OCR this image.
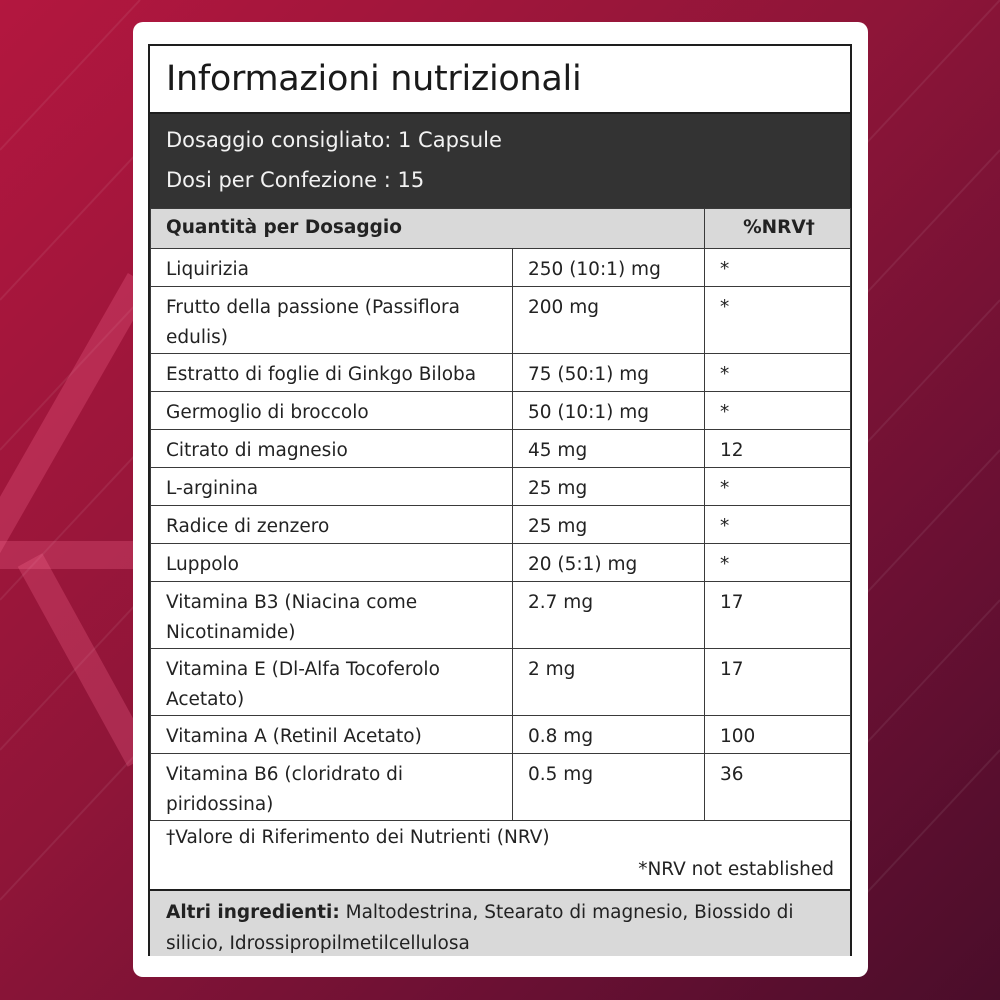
Informazioni nutrizionali
Dosaggio consigliato: 1 Capsule
Dosi per Confezione : 15
Quantità per Dosaggio		%NRV†
Liquirizia	250 (10:1) mg	*
Frutto della passione (Passiflora edulis)	200 mg	*
Estratto di foglie di Ginkgo Biloba	75 (50:1) mg	*
Germoglio di broccolo	50 (10:1) mg	*
Citrato di magnesio	45 mg	12
L-arginina	25 mg	*
Radice di zenzero	25 mg	*
Luppolo	20 (5:1) mg	*
Vitamina B3 (Niacina come Nicotinamide)	2.7 mg	17
Vitamina E (Dl-Alfa Tocoferolo Acetato)	2 mg	17
Vitamina A (Retinil Acetato)	0.8 mg	100
Vitamina B6 (cloridrato di piridossina)	0.5 mg	36
†Valore di Riferimento dei Nutrienti (NRV)
*NRV not established
Altri ingredienti: Maltodestrina, Stearato di magnesio, Biossido di silicio, Idrossipropilmetilcellulosa
